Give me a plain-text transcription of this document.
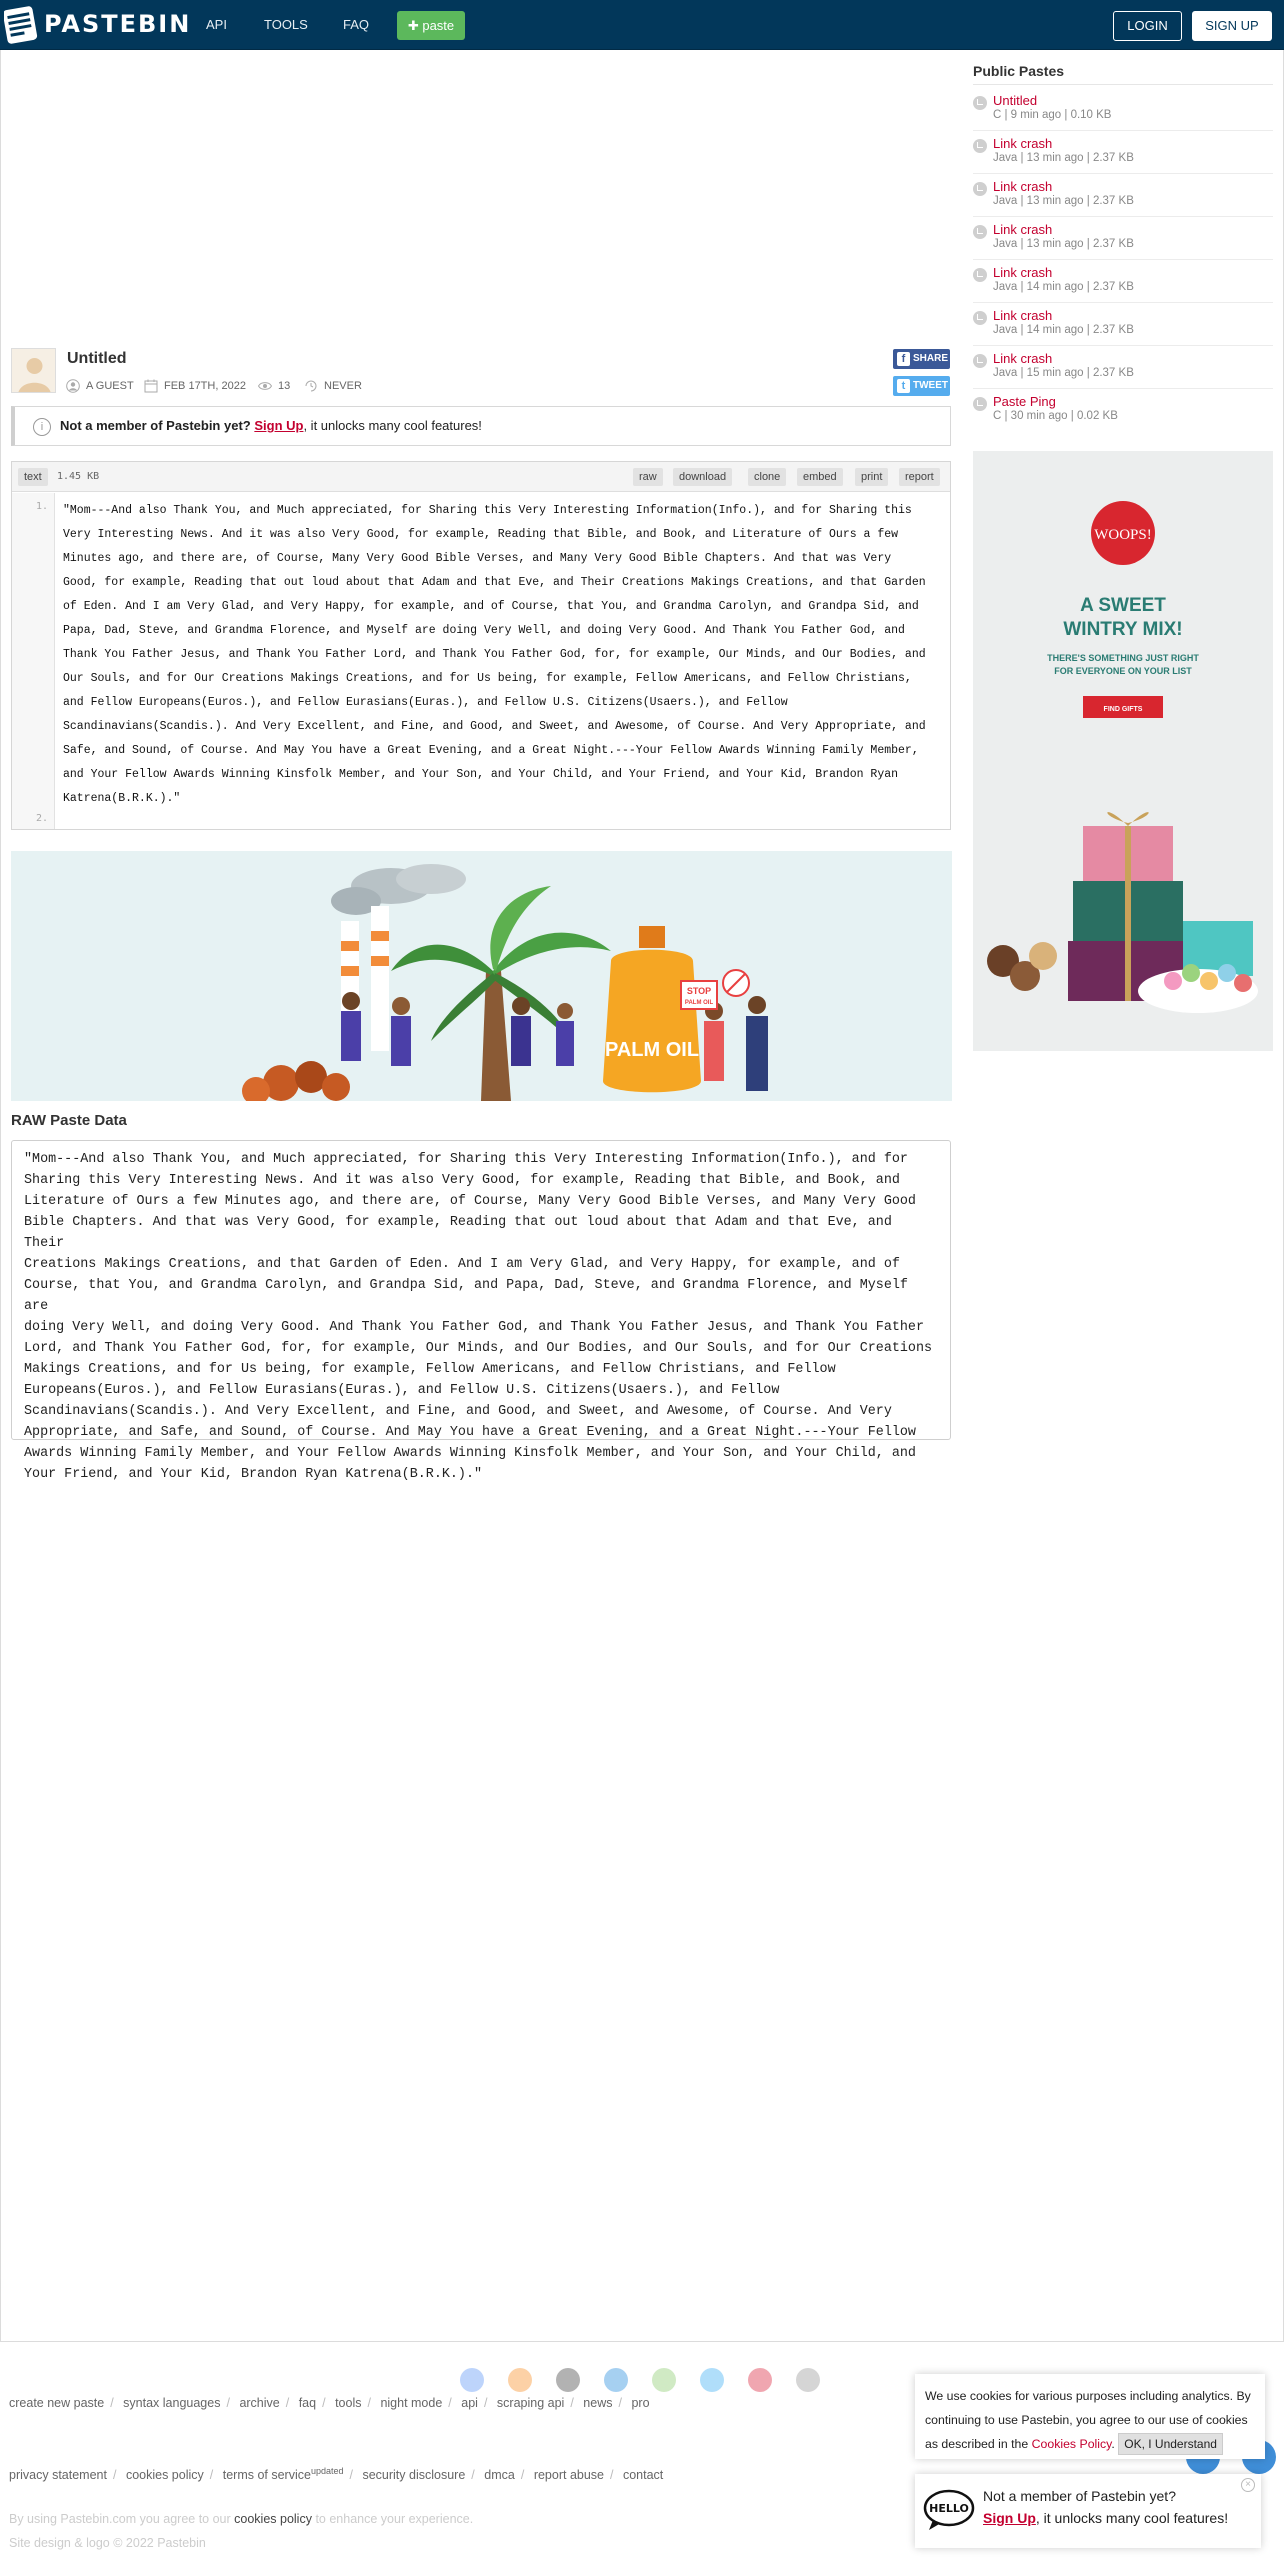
PASTEBIN API	TOOLS	FAQ	✚ paste	LOGIN	SIGN UP
Untitled
A GUEST	FEB 17TH, 2022	13	NEVER
f SHARE
t TWEET
i	Not a member of Pastebin yet? Sign Up, it unlocks many cool features!
text	1.45 KB	raw	download	clone	embed	print	report
1.
2.
"Mom---And also Thank You, and Much appreciated, for Sharing this Very Interesting Information(Info.), and for Sharing this
Very Interesting News. And it was also Very Good, for example, Reading that Bible, and Book, and Literature of Ours a few
Minutes ago, and there are, of Course, Many Very Good Bible Verses, and Many Very Good Bible Chapters. And that was Very
Good, for example, Reading that out loud about that Adam and that Eve, and Their Creations Makings Creations, and that Garden
of Eden. And I am Very Glad, and Very Happy, for example, and of Course, that You, and Grandma Carolyn, and Grandpa Sid, and
Papa, Dad, Steve, and Grandma Florence, and Myself are doing Very Well, and doing Very Good. And Thank You Father God, and
Thank You Father Jesus, and Thank You Father Lord, and Thank You Father God, for, for example, Our Minds, and Our Bodies, and
Our Souls, and for Our Creations Makings Creations, and for Us being, for example, Fellow Americans, and Fellow Christians,
and Fellow Europeans(Euros.), and Fellow Eurasians(Euras.), and Fellow U.S. Citizens(Usaers.), and Fellow
Scandinavians(Scandis.). And Very Excellent, and Fine, and Good, and Sweet, and Awesome, of Course. And Very Appropriate, and
Safe, and Sound, of Course. And May You have a Great Evening, and a Great Night.---Your Fellow Awards Winning Family Member,
and Your Fellow Awards Winning Kinsfolk Member, and Your Son, and Your Child, and Your Friend, and Your Kid, Brandon Ryan
Katrena(B.R.K.)."
PALM OIL
STOP
PALM OIL
RAW Paste Data
"Mom---And also Thank You, and Much appreciated, for Sharing this Very Interesting Information(Info.), and for
Sharing this Very Interesting News. And it was also Very Good, for example, Reading that Bible, and Book, and
Literature of Ours a few Minutes ago, and there are, of Course, Many Very Good Bible Verses, and Many Very Good
Bible Chapters. And that was Very Good, for example, Reading that out loud about that Adam and that Eve, and Their
Creations Makings Creations, and that Garden of Eden. And I am Very Glad, and Very Happy, for example, and of
Course, that You, and Grandma Carolyn, and Grandpa Sid, and Papa, Dad, Steve, and Grandma Florence, and Myself are
doing Very Well, and doing Very Good. And Thank You Father God, and Thank You Father Jesus, and Thank You Father
Lord, and Thank You Father God, for, for example, Our Minds, and Our Bodies, and Our Souls, and for Our Creations
Makings Creations, and for Us being, for example, Fellow Americans, and Fellow Christians, and Fellow
Europeans(Euros.), and Fellow Eurasians(Euras.), and Fellow U.S. Citizens(Usaers.), and Fellow
Scandinavians(Scandis.). And Very Excellent, and Fine, and Good, and Sweet, and Awesome, of Course. And Very
Appropriate, and Safe, and Sound, of Course. And May You have a Great Evening, and a Great Night.---Your Fellow
Awards Winning Family Member, and Your Fellow Awards Winning Kinsfolk Member, and Your Son, and Your Child, and
Your Friend, and Your Kid, Brandon Ryan Katrena(B.R.K.)."
Public Pastes
Untitled
C | 9 min ago | 0.10 KB
Link crash
Java | 13 min ago | 2.37 KB
Link crash
Java | 13 min ago | 2.37 KB
Link crash
Java | 13 min ago | 2.37 KB
Link crash
Java | 14 min ago | 2.37 KB
Link crash
Java | 14 min ago | 2.37 KB
Link crash
Java | 15 min ago | 2.37 KB
Paste Ping
C | 30 min ago | 0.02 KB
WOOPS!
A SWEET
WINTRY MIX!
THERE'S SOMETHING JUST RIGHT
FOR EVERYONE ON YOUR LIST
FIND GIFTS
create new paste / syntax languages / archive / faq / tools / night mode / api / scraping api / news / pro
privacy statement / cookies policy / terms of service$^{updated}$ / security disclosure / dmca / report abuse / contact
By using Pastebin.com you agree to our cookies policy to enhance your experience.
Site design & logo © 2022 Pastebin
We use cookies for various purposes including analytics. By continuing to use Pastebin, you agree to our use of cookies as described in the Cookies Policy. OK, I Understand
HELLO
×
Not a member of Pastebin yet?
Sign Up, it unlocks many cool features!
